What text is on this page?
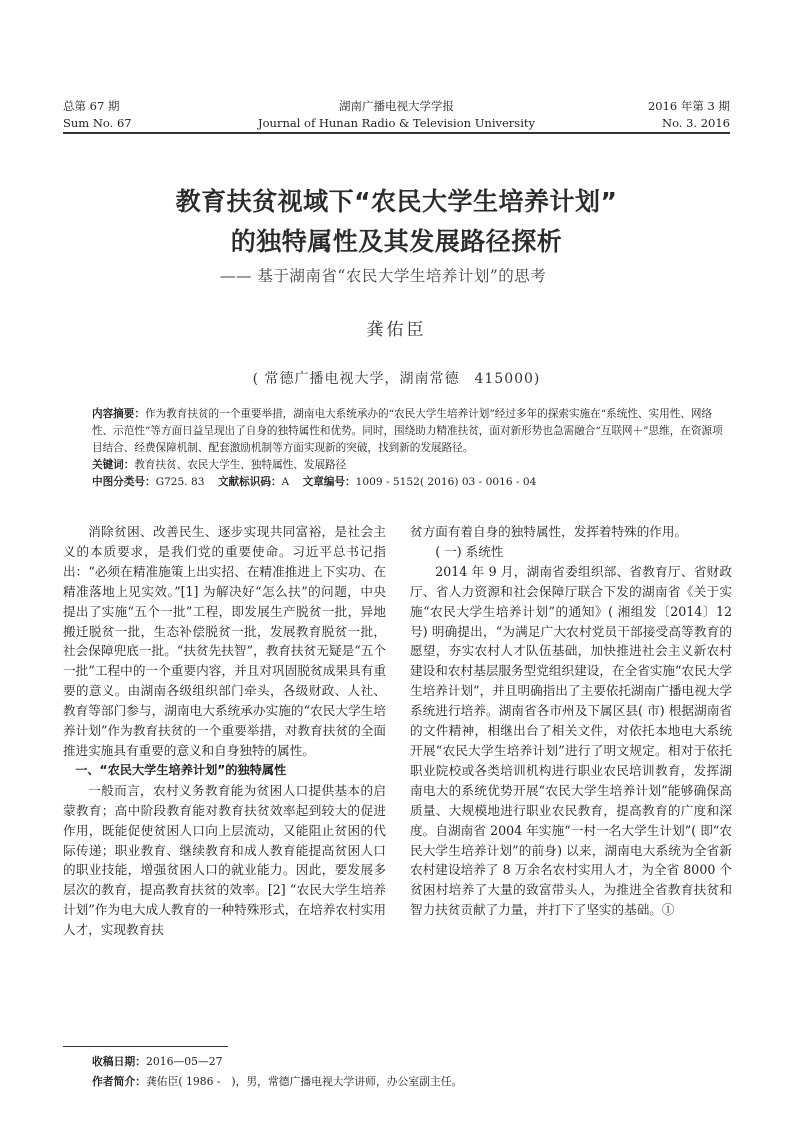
总第 67 期
Sum No. 67
湖南广播电视大学学报
Journal of Hunan Radio & Television University
2016 年第 3 期
No. 3. 2016
教育扶贫视域下“农民大学生培养计划”
的独特属性及其发展路径探析
—— 基于湖南省“农民大学生培养计划”的思考
龚佑臣
( 常德广播电视大学，湖南常德　415000)
内容摘要：作为教育扶贫的一个重要举措，湖南电大系统承办的“农民大学生培养计划”经过多年的探索实施在“系统性、实用性、网络性、示范性”等方面日益呈现出了自身的独特属性和优势。同时，围绕助力精准扶贫，面对新形势也急需融合“互联网＋”思维，在资源项目结合、经费保障机制、配套激励机制等方面实现新的突破，找到新的发展路径。
关键词：教育扶贫、农民大学生、独特属性、发展路径
中图分类号：G725. 83 文献标识码：A 文章编号：1009 - 5152( 2016) 03 - 0016 - 04

消除贫困、改善民生、逐步实现共同富裕，是社会主义的本质要求，是我们党的重要使命。习近平总书记指出：“必须在精准施策上出实招、在精准推进上下实功、在精准落地上见实效。”[1] 为解决好“怎么扶”的问题，中央提出了实施“五个一批”工程，即发展生产脱贫一批，异地搬迁脱贫一批，生态补偿脱贫一批，发展教育脱贫一批，社会保障兜底一批。“扶贫先扶智”，教育扶贫无疑是“五个一批”工程中的一个重要内容，并且对巩固脱贫成果具有重要的意义。由湖南各级组织部门牵头，各级财政、人社、教育等部门参与，湖南电大系统承办实施的“农民大学生培养计划”作为教育扶贫的一个重要举措，对教育扶贫的全面推进实施具有重要的意义和自身独特的属性。

一、“农民大学生培养计划”的独特属性

一般而言，农村义务教育能为贫困人口提供基本的启蒙教育；高中阶段教育能对教育扶贫效率起到较大的促进作用，既能促使贫困人口向上层流动，又能阻止贫困的代际传递；职业教育、继续教育和成人教育能提高贫困人口的职业技能，增强贫困人口的就业能力。因此，要发展多层次的教育，提高教育扶贫的效率。[2] “农民大学生培养计划”作为电大成人教育的一种特殊形式，在培养农村实用人才，实现教育扶

贫方面有着自身的独特属性，发挥着特殊的作用。

( 一) 系统性

2014 年 9 月，湖南省委组织部、省教育厅、省财政厅、省人力资源和社会保障厅联合下发的湖南省《关于实施“农民大学生培养计划”的通知》( 湘组发〔2014〕12 号) 明确提出，“为满足广大农村党员干部接受高等教育的愿望，夯实农村人才队伍基础，加快推进社会主义新农村建设和农村基层服务型党组织建设，在全省实施“农民大学生培养计划”，并且明确指出了主要依托湖南广播电视大学系统进行培养。湖南省各市州及下属区县( 市) 根据湖南省的文件精神，相继出台了相关文件，对依托本地电大系统开展“农民大学生培养计划”进行了明文规定。相对于依托职业院校或各类培训机构进行职业农民培训教育，发挥湖南电大的系统优势开展“农民大学生培养计划”能够确保高质量、大规模地进行职业农民教育，提高教育的广度和深度。自湖南省 2004 年实施“一村一名大学生计划”( 即“农民大学生培养计划”的前身) 以来，湖南电大系统为全省新农村建设培养了 8 万余名农村实用人才，为全省 8000 个贫困村培养了大量的致富带头人，为推进全省教育扶贫和智力扶贫贡献了力量，并打下了坚实的基础。①

收稿日期：2016—05—27
作者简介：龚佑臣( 1986 -　)，男，常德广播电视大学讲师，办公室副主任。
